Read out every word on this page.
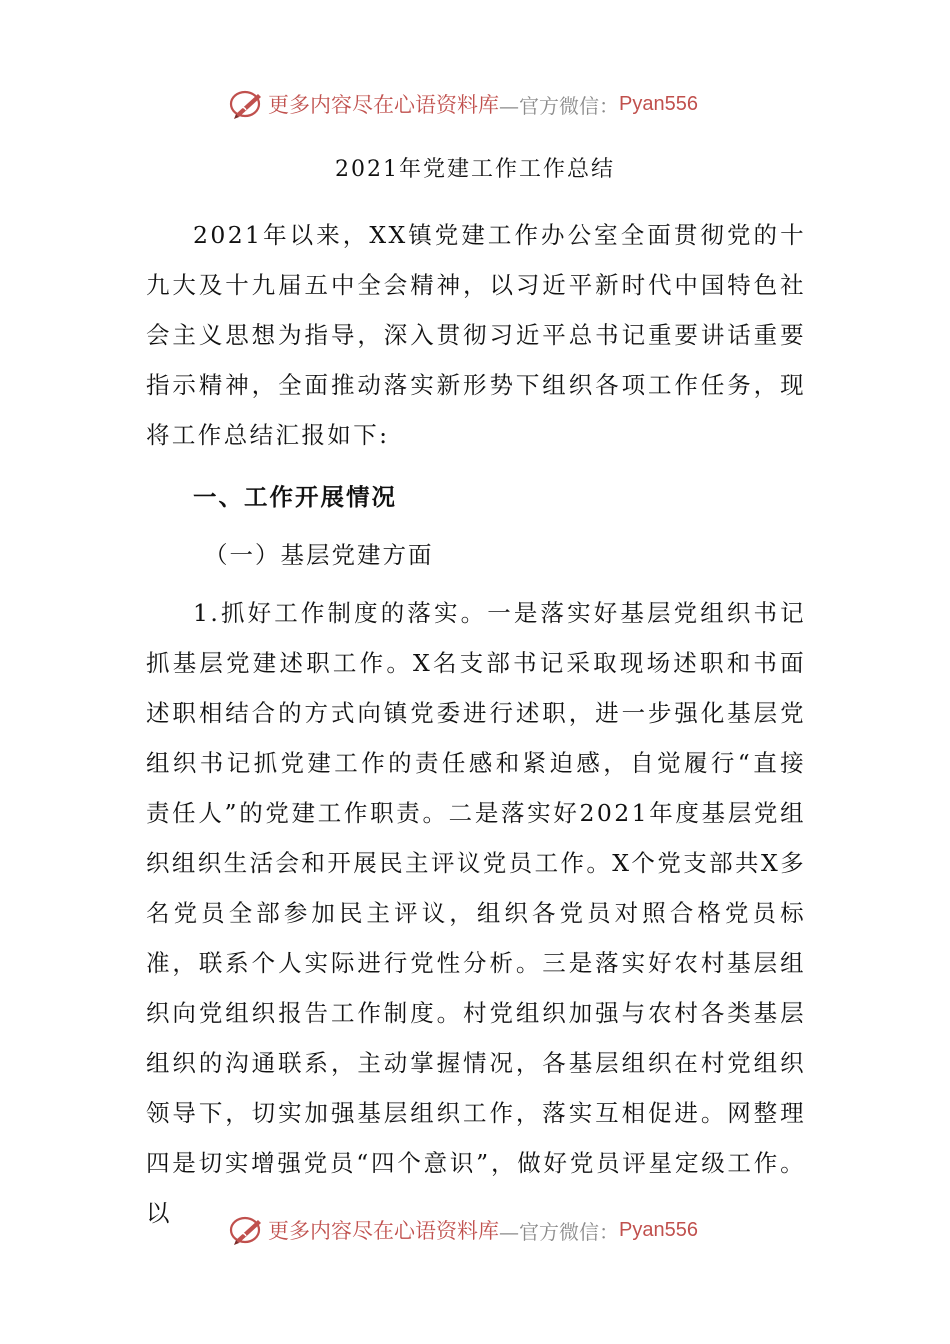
更多内容尽在心语资料库 —官方微信： Pyan556
2021年党建工作工作总结

2021年以来，XX镇党建工作办公室全面贯彻党的十九大及十九届五中全会精神，以习近平新时代中国特色社会主义思想为指导，深入贯彻习近平总书记重要讲话重要指示精神，全面推动落实新形势下组织各项工作任务，现将工作总结汇报如下:

一、工作开展情况
（一）基层党建方面

1.抓好工作制度的落实。一是落实好基层党组织书记抓基层党建述职工作。X名支部书记采取现场述职和书面述职相结合的方式向镇党委进行述职，进一步强化基层党组织书记抓党建工作的责任感和紧迫感，自觉履行“直接责任人”的党建工作职责。二是落实好2021年度基层党组织组织生活会和开展民主评议党员工作。X个党支部共X多名党员全部参加民主评议，组织各党员对照合格党员标准，联系个人实际进行党性分析。三是落实好农村基层组织向党组织报告工作制度。村党组织加强与农村各类基层组织的沟通联系，主动掌握情况，各基层组织在村党组织领导下，切实加强基层组织工作，落实互相促进。网整理四是切实增强党员“四个意识”，做好党员评星定级工作。以

更多内容尽在心语资料库 —官方微信： Pyan556
